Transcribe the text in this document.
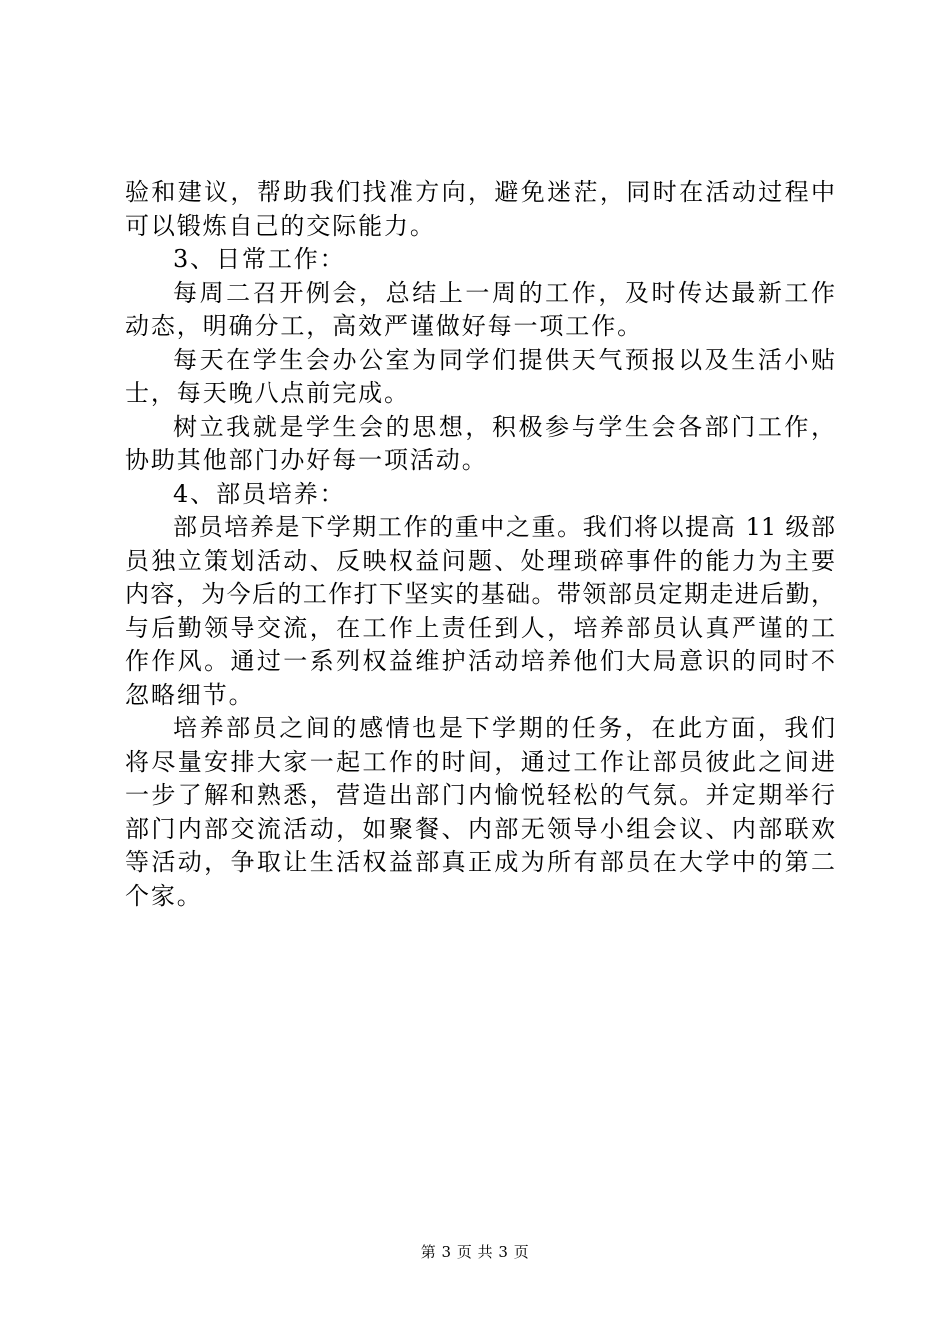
验和建议，帮助我们找准方向，避免迷茫，同时在活动过程中
可以锻炼自己的交际能力。
3、日常工作：
每周二召开例会，总结上一周的工作，及时传达最新工作
动态，明确分工，高效严谨做好每一项工作。
每天在学生会办公室为同学们提供天气预报以及生活小贴
士，每天晚八点前完成。
树立我就是学生会的思想，积极参与学生会各部门工作，
协助其他部门办好每一项活动。
4、部员培养：
部员培养是下学期工作的重中之重。我们将以提高 11 级部
员独立策划活动、反映权益问题、处理琐碎事件的能力为主要
内容，为今后的工作打下坚实的基础。带领部员定期走进后勤，
与后勤领导交流，在工作上责任到人，培养部员认真严谨的工
作作风。通过一系列权益维护活动培养他们大局意识的同时不
忽略细节。
培养部员之间的感情也是下学期的任务，在此方面，我们
将尽量安排大家一起工作的时间，通过工作让部员彼此之间进
一步了解和熟悉，营造出部门内愉悦轻松的气氛。并定期举行
部门内部交流活动，如聚餐、内部无领导小组会议、内部联欢
等活动，争取让生活权益部真正成为所有部员在大学中的第二
个家。
第 3 页 共 3 页
